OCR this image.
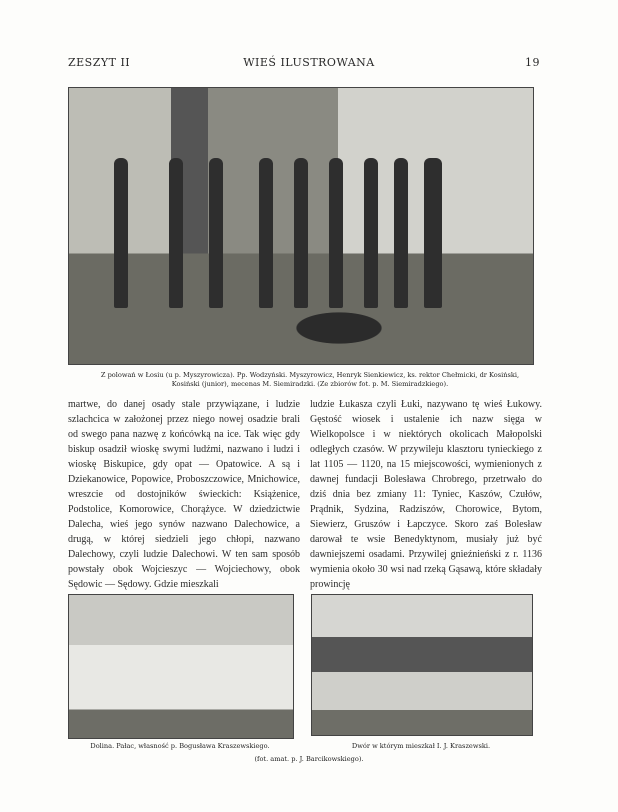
ZESZYT II	WIEŚ ILUSTROWANA	19
Z polowań w Łosiu (u p. Myszyrowicza). Pp. Wodzyński. Myszyrowicz, Henryk Sienkiewicz, ks. rektor Chełmicki, dr Kosiński,
Kosiński (junior), mecenas M. Siemiradzki. (Ze zbiorów fot. p. M. Siemiradzkiego).

martwe, do danej osady stale przywiązane, i ludzie szlachcica w założonej przez niego nowej osadzie brali od swego pana nazwę z końcówką na ice. Tak więc gdy biskup osadził wioskę swymi ludźmi, nazwano i ludzi i wioskę Biskupice, gdy opat — Opatowice. A są i Dziekanowice, Popowice, Proboszczowice, Mnichowice, wreszcie od dostojników świeckich: Książenice, Podstolice, Komorowice, Chorążyce. W dziedzictwie Dalecha, wieś jego synów nazwano Dalechowice, a drugą, w której siedzieli jego chłopi, nazwano Dalechowy, czyli ludzie Dalechowi. W ten sam sposób powstały obok Wojcieszyc — Wojciechowy, obok Sędowic — Sędowy. Gdzie mieszkali

ludzie Łukasza czyli Łuki, nazywano tę wieś Łukowy. Gęstość wiosek i ustalenie ich nazw sięga w Wielkopolsce i w niektórych okolicach Małopolski odległych czasów. W przywileju klasztoru tynieckiego z lat 1105 — 1120, na 15 miejscowości, wymienionych z dawnej fundacji Bolesława Chrobrego, przetrwało do dziś dnia bez zmiany 11: Tyniec, Kaszów, Czułów, Prądnik, Sydzina, Radziszów, Chorowice, Bytom, Siewierz, Gruszów i Łapczyce. Skoro zaś Bolesław darował te wsie Benedyktynom, musiały już być dawniejszemi osadami. Przywilej gnieźnieński z r. 1136 wymienia około 30 wsi nad rzeką Gąsawą, które składały prowincję

Dolina. Pałac, własność p. Bogusława Kraszewskiego.	Dwór w którym mieszkał I. J. Kraszewski.
(fot. amat. p. J. Barcikowskiego).
